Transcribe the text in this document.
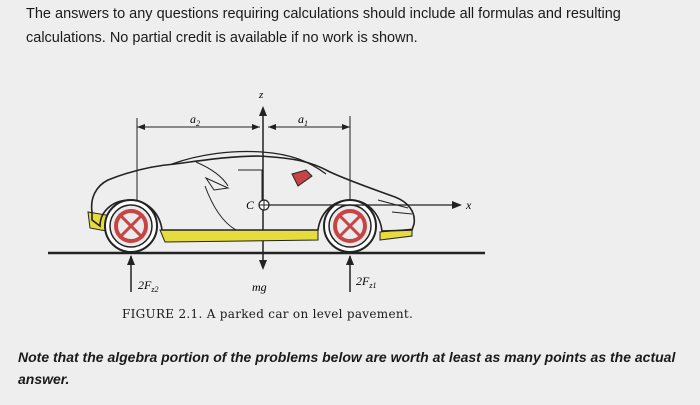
The answers to any questions requiring calculations should include all formulas and resulting calculations. No partial credit is available if no work is shown.

$a_2$	$a_1$
z
x
C
mg
$2F_{z2}$
$2F_{z1}$
FIGURE 2.1. A parked car on level pavement.

Note that the algebra portion of the problems below are worth at least as many points as the actual answer.
